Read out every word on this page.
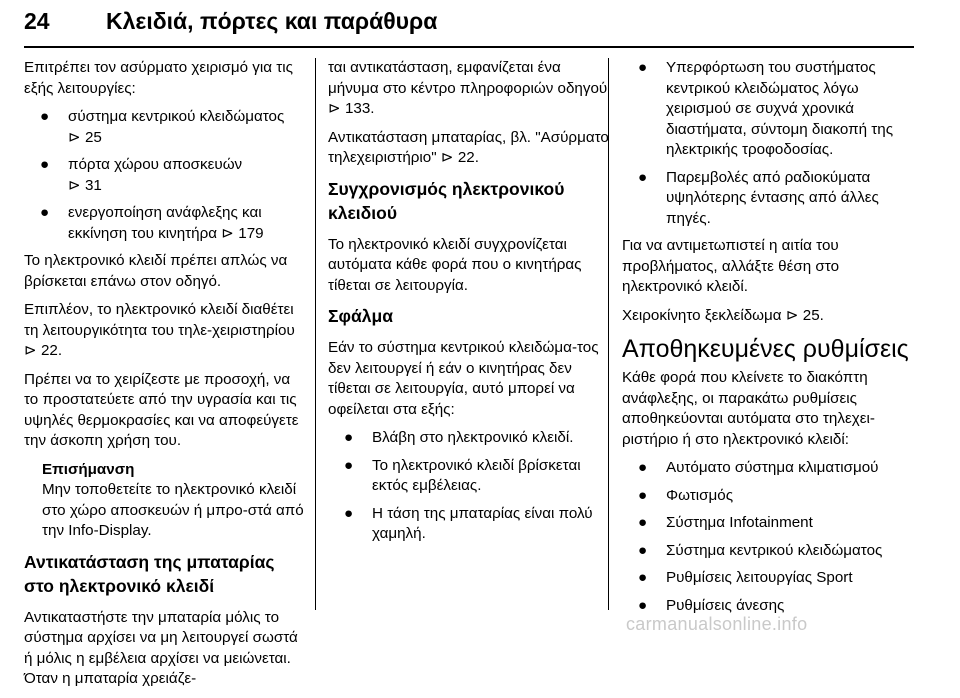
24 Κλειδιά, πόρτες και παράθυρα

Επιτρέπει τον ασύρματο χειρισμό για τις εξής λειτουργίες:

● σύστημα κεντρικού κλειδώματος
⊳ 25
● πόρτα χώρου αποσκευών
⊳ 31
● ενεργοποίηση ανάφλεξης και εκκίνηση του κινητήρα ⊳ 179

Το ηλεκτρονικό κλειδί πρέπει απλώς να βρίσκεται επάνω στον οδηγό.

Επιπλέον, το ηλεκτρονικό κλειδί διαθέτει τη λειτουργικότητα του τηλε-χειριστηρίου ⊳ 22.

Πρέπει να το χειρίζεστε με προσοχή, να το προστατεύετε από την υγρασία και τις υψηλές θερμοκρασίες και να αποφεύγετε την άσκοπη χρήση του.

Επισήμανση
Μην τοποθετείτε το ηλεκτρονικό κλειδί στο χώρο αποσκευών ή μπρο-στά από την Info-Display.
Αντικατάσταση της μπαταρίας στο ηλεκτρονικό κλειδί

Αντικαταστήστε την μπαταρία μόλις το σύστημα αρχίσει να μη λειτουργεί σωστά ή μόλις η εμβέλεια αρχίσει να μειώνεται. Όταν η μπαταρία χρειάζε-

ται αντικατάσταση, εμφανίζεται ένα μήνυμα στο κέντρο πληροφοριών οδηγού ⊳ 133.

Αντικατάσταση μπαταρίας, βλ. "Ασύρματο τηλεχειριστήριο" ⊳ 22.

Συγχρονισμός ηλεκτρονικού κλειδιού

Το ηλεκτρονικό κλειδί συγχρονίζεται αυτόματα κάθε φορά που ο κινητήρας τίθεται σε λειτουργία.

Σφάλμα

Εάν το σύστημα κεντρικού κλειδώμα-τος δεν λειτουργεί ή εάν ο κινητήρας δεν τίθεται σε λειτουργία, αυτό μπορεί να οφείλεται στα εξής:

● Βλάβη στο ηλεκτρονικό κλειδί.
● Το ηλεκτρονικό κλειδί βρίσκεται εκτός εμβέλειας.
● Η τάση της μπαταρίας είναι πολύ χαμηλή.
● Υπερφόρτωση του συστήματος κεντρικού κλειδώματος λόγω χειρισμού σε συχνά χρονικά διαστήματα, σύντομη διακοπή της ηλεκτρικής τροφοδοσίας.
● Παρεμβολές από ραδιοκύματα υψηλότερης έντασης από άλλες πηγές.

Για να αντιμετωπιστεί η αιτία του προβλήματος, αλλάξτε θέση στο ηλεκτρονικό κλειδί.

Χειροκίνητο ξεκλείδωμα ⊳ 25.

Αποθηκευμένες ρυθμίσεις

Κάθε φορά που κλείνετε το διακόπτη ανάφλεξης, οι παρακάτω ρυθμίσεις αποθηκεύονται αυτόματα στο τηλεχει-ριστήριο ή στο ηλεκτρονικό κλειδί:

● Αυτόματο σύστημα κλιματισμού
● Φωτισμός
● Σύστημα Infotainment
● Σύστημα κεντρικού κλειδώματος
● Ρυθμίσεις λειτουργίας Sport
● Ρυθμίσεις άνεσης
carmanualsonline.info
